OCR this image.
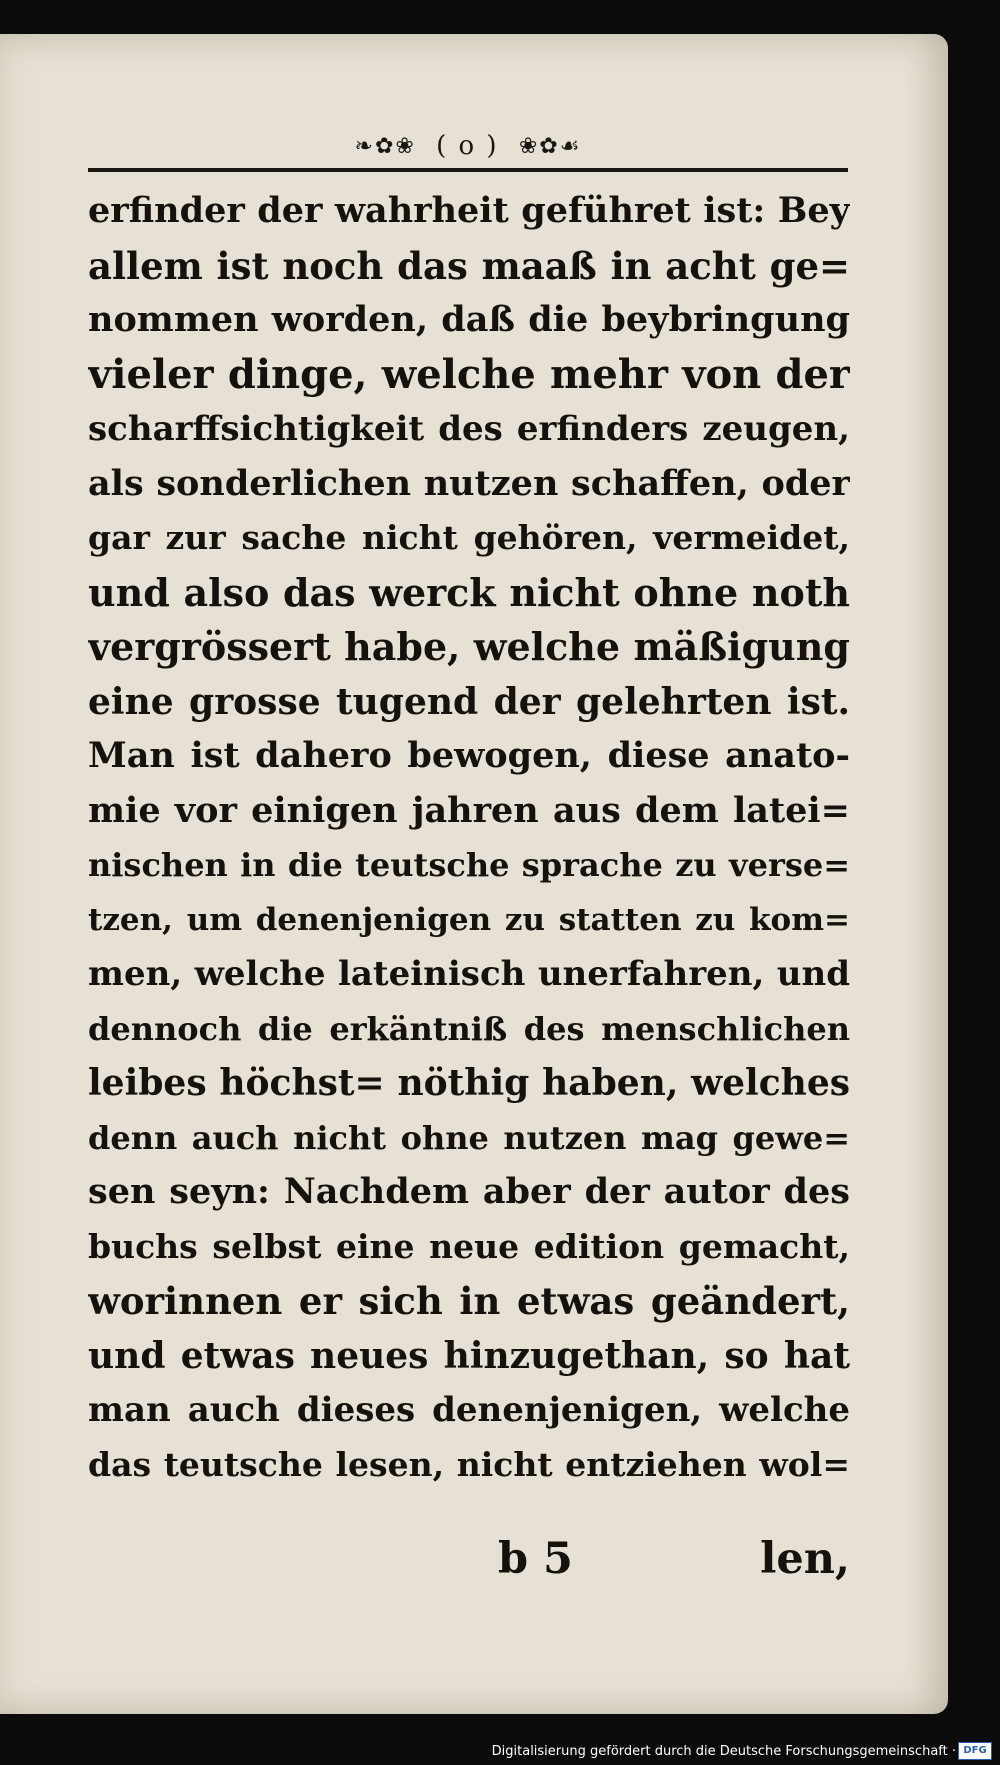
❧✿❀ ( o ) ❀✿☙
erfinder der wahrheit geführet ist: Bey
allem ist noch das maaß in acht ge=
nommen worden, daß die beybringung
vieler dinge, welche mehr von der
scharffsichtigkeit des erfinders zeugen,
als sonderlichen nutzen schaffen, oder
gar zur sache nicht gehören, vermeidet,
und also das werck nicht ohne noth
vergrössert habe, welche mäßigung
eine grosse tugend der gelehrten ist.
Man ist dahero bewogen, diese anato-
mie vor einigen jahren aus dem latei=
nischen in die teutsche sprache zu verse=
tzen, um denenjenigen zu statten zu kom=
men, welche lateinisch unerfahren, und
dennoch die erkäntniß des menschlichen
leibes höchst= nöthig haben, welches
denn auch nicht ohne nutzen mag gewe=
sen seyn: Nachdem aber der autor des
buchs selbst eine neue edition gemacht,
worinnen er sich in etwas geändert,
und etwas neues hinzugethan, so hat
man auch dieses denenjenigen, welche
das teutsche lesen, nicht entziehen wol=
b 5	len,
Digitalisierung gefördert durch die Deutsche Forschungsgemeinschaft · DFG
